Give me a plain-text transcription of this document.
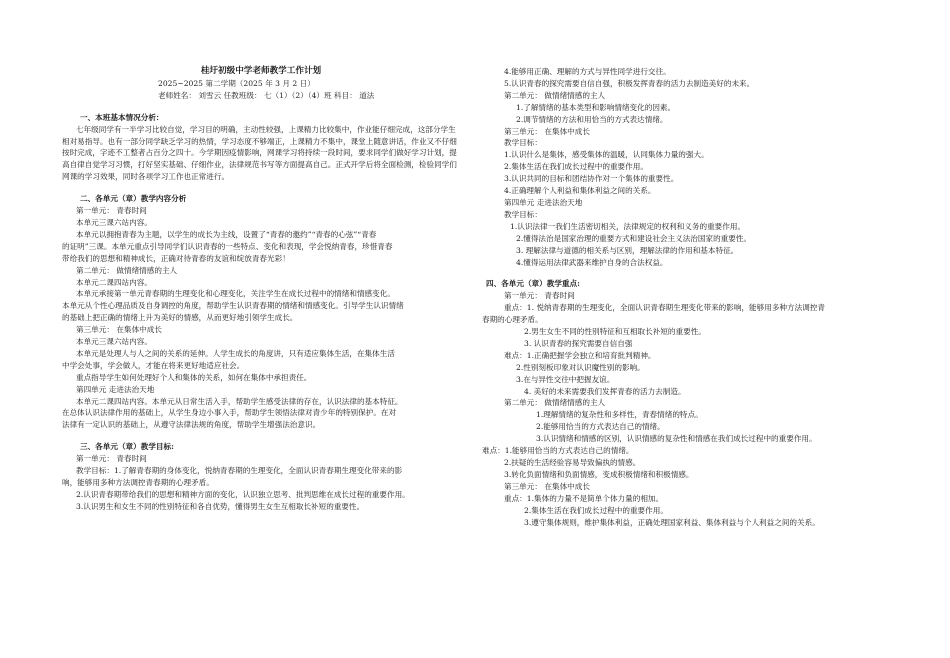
桂圩初级中学老师教学工作计划
2025~2025 第二学期（2025 年 3 月 2 日）
老师姓名： 刘雪云 任教班级： 七（1）（2）（4）班 科目： 道法
一、本班基本情况分析：
七年级同学有一半学习比较自觉，学习目的明确，主动性较强，上课精力比较集中，作业能仔细完成，这部分学生相对易指导。也有一部分同学缺乏学习的热情，学习态度不够端正，上课精力不集中，课堂上随意讲话，作业又不仔细按时完成，字迹不工整者占百分之四十。今学期因疫情影响，网课学习将持续一段时间，要求同学们做好学习计划，提高自律自觉学习习惯，打好坚实基础、仔细作业，法律规范书写等方面提高自己。正式开学后将全面检测，检验同学们网课的学习效果，同时各项学习工作也正常进行。
二、各单元（章）教学内容分析
第一单元： 青春时间
本单元三课六站内容。
本单元以拥抱青春为主题，以学生的成长为主线，设置了“青春的邀约”“青春的心弦”“青春
的证明”三课。本单元重点引导同学们认识青春的一些特点、变化和表现，学会悦纳青春，珍惜青春
带给我们的思想和精神成长，正确对待青春的友谊和绽放青春光彩！
第二单元： 做情绪情感的主人
本单元二课四站内容。
本单元承接第一单元青春期的生理变化和心理变化，关注学生在成长过程中的情绪和情感变化。
本单元从个性心理品质及自身调控的角度，帮助学生认识青春期的情绪和情感变化。引导学生认识情绪
的基础上把正确的情绪上升为美好的情感，从而更好地引领学生成长。
第三单元： 在集体中成长
本单元三课六站内容。
本单元是处理人与人之间的关系的延伸。人学生成长的角度讲，只有适应集体生活，在集体生活
中学会处事，学会做人，才能在将来更好地适应社会。
重点指导学生如何处理好个人和集体的关系，如何在集体中承担责任。
第四单元 走进法治天地
本单元二课四站内容。本单元从日常生活入手，帮助学生感受法律的存在，认识法律的基本特征。
在总体认识法律作用的基础上，从学生身边小事入手，帮助学生领悟法律对青少年的特别保护。在对
法律有一定认识的基础上，从遵守法律法规的角度，帮助学生增强法治意识。
三、各单元（章）教学目标:
第一单元： 青春时间
教学目标：1.了解青春期的身体变化，悦纳青春期的生理变化，全面认识青春期生理变化带来的影
响，能够用多种方法调控青春期的心理矛盾。
2.认识青春期带给我们的思想和精神方面的变化，认识独立思考、批判思维在成长过程的重要作用。
3.认识男生和女生不同的性别特征和各自优势，懂得男生女生互相取长补短的重要性。
4.能够用正确、理解的方式与异性同学进行交往。
5.认识青春的探究需要自信自强，积极发挥青春的活力去制造美好的未来。
第二单元： 做情绪情感的主人
1.了解情绪的基本类型和影响情绪变化的因素。
2.调节情绪的方法和用恰当的方式表达情绪。
第三单元： 在集体中成长
教学目标：
1.认识什么是集体，感受集体的温暖，认同集体力量的强大。
2.集体生活在我们成长过程中的重要作用。
3.认识共同的目标和团结协作对一个集体的重要性。
4.正确理解个人利益和集体利益之间的关系。
第四单元 走进法治天地
教学目标：
1.认识法律一我们生活密切相关，法律规定的权利和义务的重要作用。
2.懂得法治是国家治理的重要方式和建设社会主义法治国家的重要性。
3. 理解法律与道德的相关系与区别，理解法律的作用和基本特征。
4.懂得运用法律武器来维护自身的合法权益。
四、各单元（章）教学重点:
第一单元： 青春时间
重点：1. 悦纳青春期的生理变化，全面认识青春期生理变化带来的影响，能够用多种方法调控青
春期的心理矛盾。
2.男生女生不同的性别特征和互相取长补短的重要性。
3. 认识青春的探究需要自信自强
难点：1.正确把握学会独立和培育批判精神。
2.性别刻板印象对认识魔性别的影响。
3.在与异性交往中把握友谊。
4. 美好的未来需要我们发挥青春的活力去制造。
第二单元： 做情绪情感的主人
1.理解情绪的复杂性和多样性，青春情绪的特点。
2.能够用恰当的方式表达自己的情绪。
3.认识情绪和情感的区别，认识情感的复杂性和情感在我们成长过程中的重要作用。
难点：1.能够用恰当的方式表达自己的情绪。
2.扶疑的生活经验容易导致偏执的情感。
3.转化负面情绪和负面情感，变成积极情绪和积极情感。
第三单元： 在集体中成长
重点：1.集体的力量不是简单个体力量的相加。
2.集体生活在我们成长过程中的重要作用。
3.遵守集体规则，维护集体利益，正确处理国家利益、集体利益与个人利益之间的关系。
